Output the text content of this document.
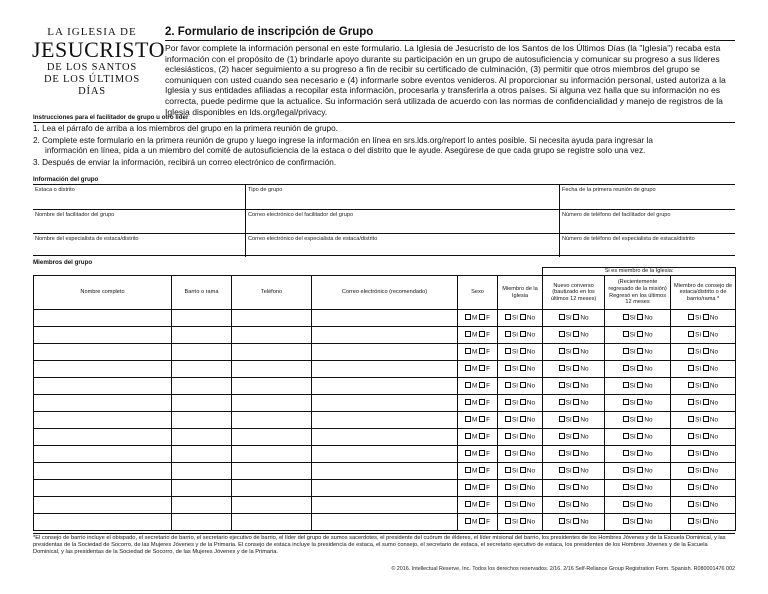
LA IGLESIA DE
JESUCRISTO
DE LOS SANTOS
DE LOS ÚLTIMOS DÍAS
2. Formulario de inscripción de Grupo
Por favor complete la información personal en este formulario. La Iglesia de Jesucristo de los Santos de los Últimos Días (la "Iglesia") recaba esta información con el propósito de (1) brindarle apoyo durante su participación en un grupo de autosuficiencia y comunicar su progreso a sus líderes eclesiásticos, (2) hacer seguimiento a su progreso a fin de recibir su certificado de culminación, (3) permitir que otros miembros del grupo se comuniquen con usted cuando sea necesario e (4) informarle sobre eventos venideros. Al proporcionar su información personal, usted autoriza a la Iglesia y sus entidades afiliadas a recopilar esta información, procesarla y transferirla a otros países. Si alguna vez halla que su información no es correcta, puede pedirme que la actualice. Su información será utilizada de acuerdo con las normas de confidencialidad y manejo de registros de la Iglesia disponibles en lds.org/legal/privacy.
Instrucciones para el facilitador de grupo u otro líder

1. Lea el párrafo de arriba a los miembros del grupo en la primera reunión de grupo.

2. Complete este formulario en la primera reunión de grupo y luego ingrese la información en línea en srs.lds.org/report lo antes posible. Si necesita ayuda para ingresar la
información en línea, pida a un miembro del comité de autosuficiencia de la estaca o del distrito que le ayude. Asegúrese de que cada grupo se registre solo una vez.

3. Después de enviar la información, recibirá un correo electrónico de confirmación.

Información del grupo
Estaca o distrito	Tipo de grupo	Fecha de la primera reunión de grupo
Nombre del facilitador del grupo	Correo electrónico del facilitador del grupo	Número de teléfono del facilitador del grupo
Nombre del especialista de estaca/distrito	Correo electrónico del especialista de estaca/distrito	Número de teléfono del especialista de estaca/distrito
Miembros del grupo
						Si es miembro de la Iglesia:		
Nombre completo	Barrio o rama	Teléfono	Correo electrónico (recomendado)	Sexo	Miembro de la Iglesia	Nuevo converso (bautizado en los últimos 12 meses)	(Recientemente regresado de la misión) Regresó en los últimos 12 meses	Miembro de consejo de estaca/distrito o de barrio/rama *
				M F	Sí No	Sí No	Sí No	Sí No
				M F	Sí No	Sí No	Sí No	Sí No
				M F	Sí No	Sí No	Sí No	Sí No
				M F	Sí No	Sí No	Sí No	Sí No
				M F	Sí No	Sí No	Sí No	Sí No
				M F	Sí No	Sí No	Sí No	Sí No
				M F	Sí No	Sí No	Sí No	Sí No
				M F	Sí No	Sí No	Sí No	Sí No
				M F	Sí No	Sí No	Sí No	Sí No
				M F	Sí No	Sí No	Sí No	Sí No
				M F	Sí No	Sí No	Sí No	Sí No
				M F	Sí No	Sí No	Sí No	Sí No
				M F	Sí No	Sí No	Sí No	Sí No
*El consejo de barrio incluye el obispado, el secretario de barrio, el secretario ejecutivo de barrio, el líder del grupo de sumos sacerdotes, el presidente del cuórum de élderes, el líder misional del barrio, los presidentes de los Hombres Jóvenes y de la Escuela Dominical, y las presidentas de la Sociedad de Socorro, de las Mujeres Jóvenes y de la Primaria. El consejo de estaca incluye la presidencia de estaca, el sumo consejo, el secretario de estaca, el secretario ejecutivo de estaca, los presidentes de los Hombres Jóvenes y de la Escuela Dominical, y las presidentas de la Sociedad de Socorro, de las Mujeres Jóvenes y de la Primaria.
© 2016. Intellectual Reserve, Inc. Todos los derechos reservados. 2/16. 2/16 Self-Reliance Group Registration Form. Spanish. R080001476 002
